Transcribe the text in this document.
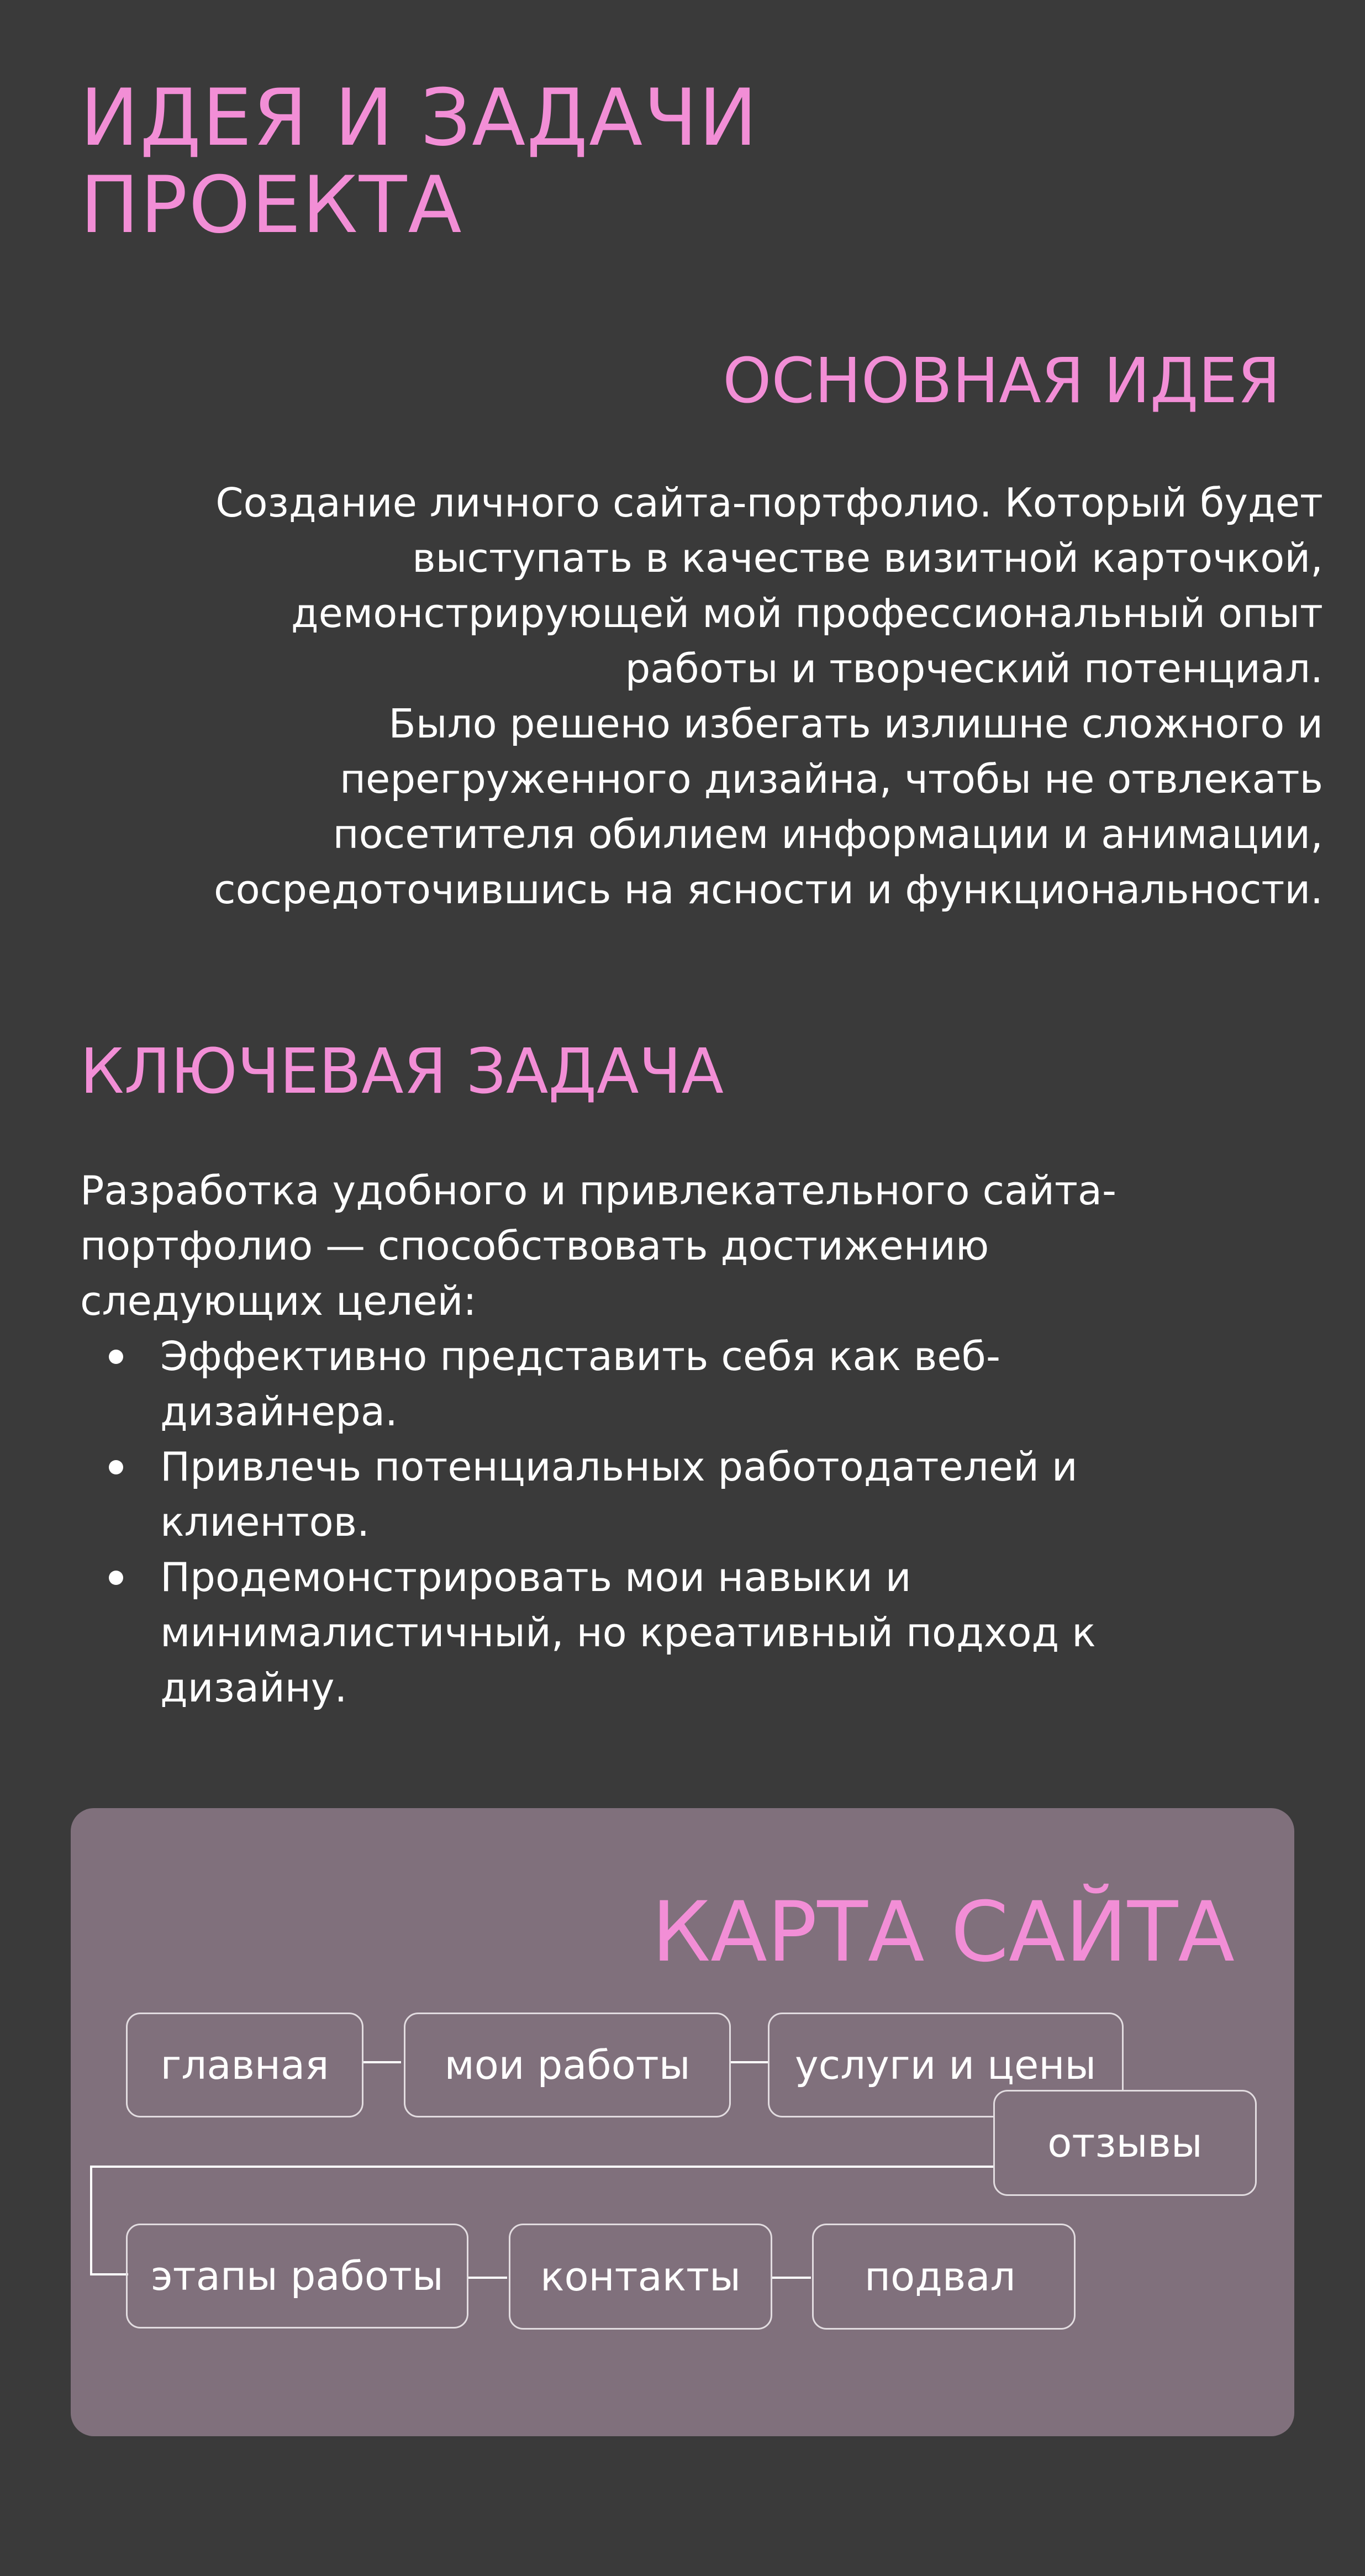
ИДЕЯ И ЗАДАЧИ
ПРОЕКТА
ОСНОВНАЯ ИДЕЯ
Создание личного сайта-портфолио. Который будет
выступать в качестве визитной карточкой,
демонстрирующей мой профессиональный опыт
работы и творческий потенциал.
Было решено избегать излишне сложного и
перегруженного дизайна, чтобы не отвлекать
посетителя обилием информации и анимации,
сосредоточившись на ясности и функциональности.
КЛЮЧЕВАЯ ЗАДАЧА
Разработка удобного и привлекательного сайта-
портфолио — способствовать достижению
следующих целей:
Эффективно представить себя как веб-дизайнера.
Привлечь потенциальных работодателей и клиентов.
Продемонстрировать мои навыки и минималистичный, но креативный подход к дизайну.
КАРТА САЙТА
главная	мои работы	услуги и цены
отзывы
этапы работы	контакты	подвал
